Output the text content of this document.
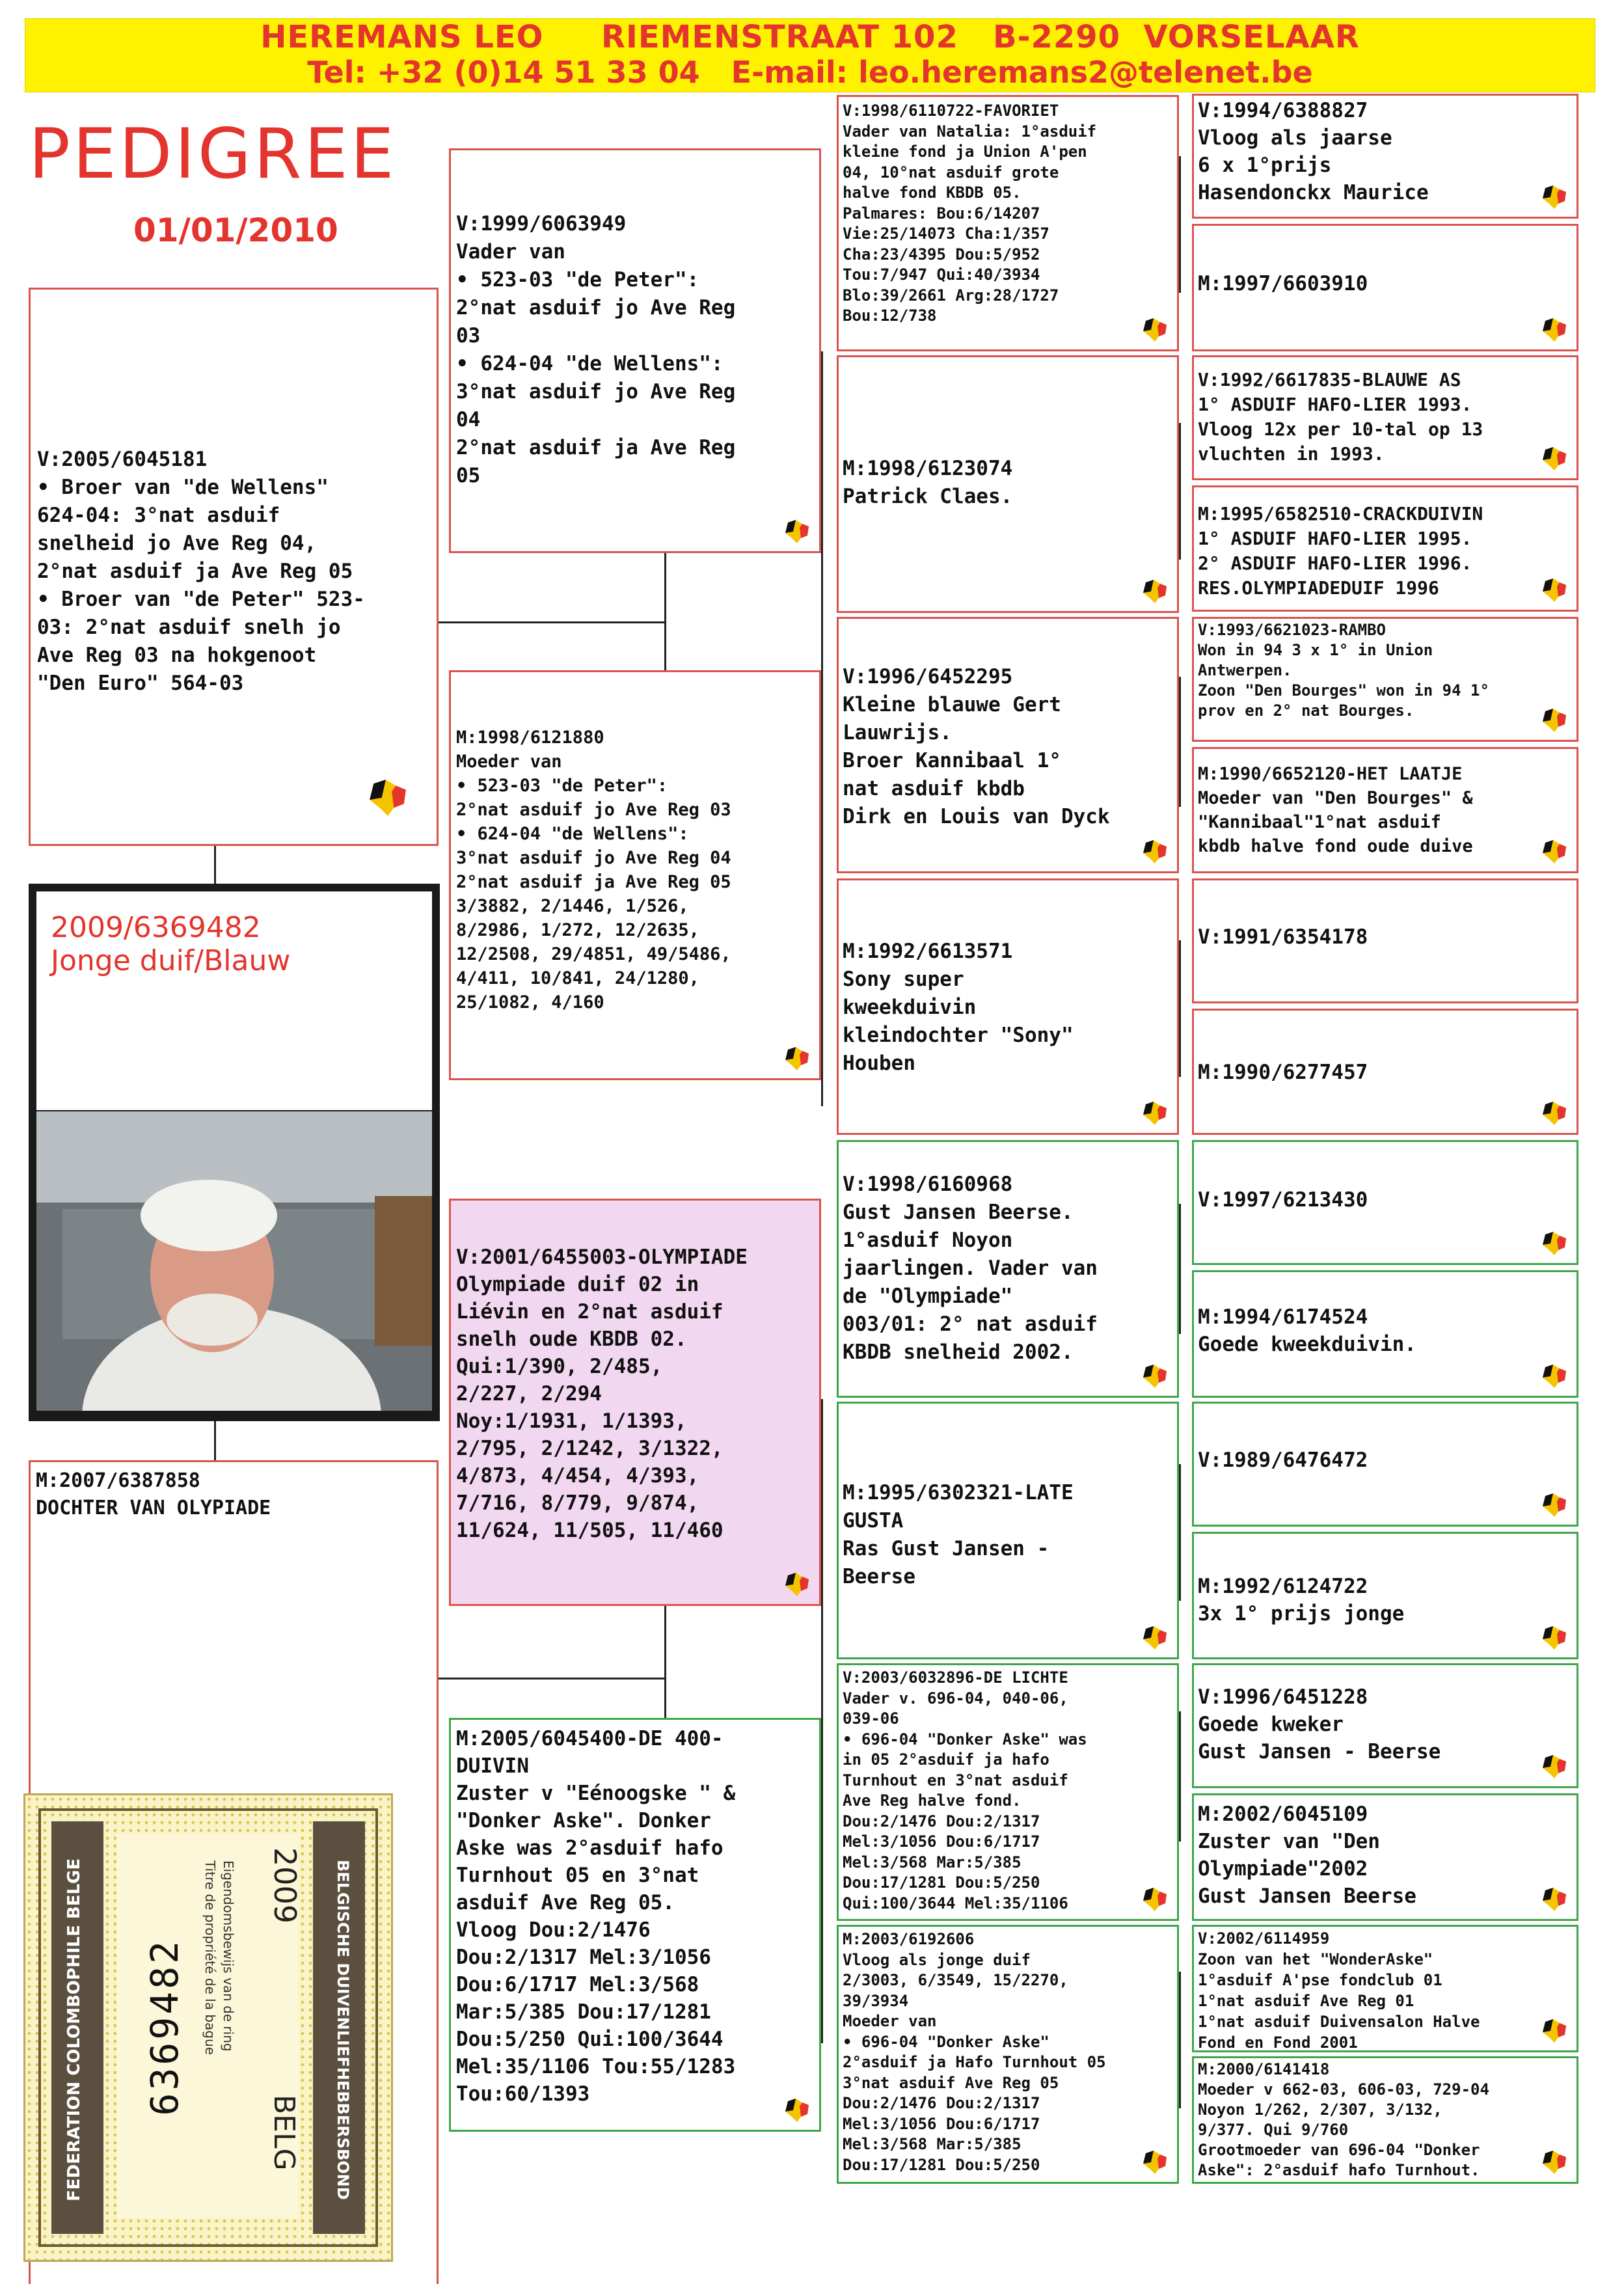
HEREMANS LEO     RIEMENSTRAAT 102   B-2290  VORSELAAR
Tel: +32 (0)14 51 33 04   E-mail: leo.heremans2@telenet.be
PEDIGREE
01/01/2010
V:2005/6045181
• Broer van "de Wellens"
624-04: 3°nat asduif
snelheid jo Ave Reg 04,
2°nat asduif ja Ave Reg 05
• Broer van "de Peter" 523-
03: 2°nat asduif snelh jo
Ave Reg 03 na hokgenoot
"Den Euro" 564-03
2009/6369482
Jonge duif/Blauw
M:2007/6387858
DOCHTER VAN OLYPIADE
FEDERATION COLOMBOPHILE BELGE	BELGISCHE DUIVENLIEFHEBBERSBOND
2009
BELG
Eigendomsbewijs van de ring
Titre de propriété de la bague
6369482
V:1999/6063949
Vader van
• 523-03 "de Peter":
2°nat asduif jo Ave Reg
03
• 624-04 "de Wellens":
3°nat asduif jo Ave Reg
04
2°nat asduif ja Ave Reg
05
M:1998/6121880
Moeder van
• 523-03 "de Peter":
2°nat asduif jo Ave Reg 03
• 624-04 "de Wellens":
3°nat asduif jo Ave Reg 04
2°nat asduif ja Ave Reg 05
3/3882, 2/1446, 1/526,
8/2986, 1/272, 12/2635,
12/2508, 29/4851, 49/5486,
4/411, 10/841, 24/1280,
25/1082, 4/160
V:2001/6455003-OLYMPIADE
Olympiade duif 02 in
Liévin en 2°nat asduif
snelh oude KBDB 02.
Qui:1/390, 2/485,
2/227, 2/294
Noy:1/1931, 1/1393,
2/795, 2/1242, 3/1322,
4/873, 4/454, 4/393,
7/716, 8/779, 9/874,
11/624, 11/505, 11/460
M:2005/6045400-DE 400-
DUIVIN
Zuster v "Eénoogske " &
"Donker Aske". Donker
Aske was 2°asduif hafo
Turnhout 05 en 3°nat
asduif Ave Reg 05.
Vloog Dou:2/1476
Dou:2/1317 Mel:3/1056
Dou:6/1717 Mel:3/568
Mar:5/385 Dou:17/1281
Dou:5/250 Qui:100/3644
Mel:35/1106 Tou:55/1283
Tou:60/1393
V:1998/6110722-FAVORIET
Vader van Natalia: 1°asduif
kleine fond ja Union A'pen
04, 10°nat asduif grote
halve fond KBDB 05.
Palmares: Bou:6/14207
Vie:25/14073 Cha:1/357
Cha:23/4395 Dou:5/952
Tou:7/947 Qui:40/3934
Blo:39/2661 Arg:28/1727
Bou:12/738
M:1998/6123074
Patrick Claes.
V:1996/6452295
Kleine blauwe Gert
Lauwrijs.
Broer Kannibaal 1°
nat asduif kbdb
Dirk en Louis van Dyck
M:1992/6613571
Sony super
kweekduivin
kleindochter "Sony"
Houben
V:1998/6160968
Gust Jansen Beerse.
1°asduif Noyon
jaarlingen. Vader van
de "Olympiade"
003/01: 2° nat asduif
KBDB snelheid 2002.
M:1995/6302321-LATE
GUSTA
Ras Gust Jansen -
Beerse
V:2003/6032896-DE LICHTE
Vader v. 696-04, 040-06,
039-06
• 696-04 "Donker Aske" was
in 05 2°asduif ja hafo
Turnhout en 3°nat asduif
Ave Reg halve fond.
Dou:2/1476 Dou:2/1317
Mel:3/1056 Dou:6/1717
Mel:3/568 Mar:5/385
Dou:17/1281 Dou:5/250
Qui:100/3644 Mel:35/1106
M:2003/6192606
Vloog als jonge duif
2/3003, 6/3549, 15/2270,
39/3934
Moeder van
• 696-04 "Donker Aske"
2°asduif ja Hafo Turnhout 05
3°nat asduif Ave Reg 05
Dou:2/1476 Dou:2/1317
Mel:3/1056 Dou:6/1717
Mel:3/568 Mar:5/385
Dou:17/1281 Dou:5/250
V:1994/6388827
Vloog als jaarse
6 x 1°prijs
Hasendonckx Maurice
M:1997/6603910
V:1992/6617835-BLAUWE AS
1° ASDUIF HAFO-LIER 1993.
Vloog 12x per 10-tal op 13
vluchten in 1993.
M:1995/6582510-CRACKDUIVIN
1° ASDUIF HAFO-LIER 1995.
2° ASDUIF HAFO-LIER 1996.
RES.OLYMPIADEDUIF 1996
V:1993/6621023-RAMBO
Won in 94 3 x 1° in Union
Antwerpen.
Zoon "Den Bourges" won in 94 1°
prov en 2° nat Bourges.
M:1990/6652120-HET LAATJE
Moeder van "Den Bourges" &
"Kannibaal"1°nat asduif
kbdb halve fond oude duive
V:1991/6354178
M:1990/6277457
V:1997/6213430
M:1994/6174524
Goede kweekduivin.
V:1989/6476472
M:1992/6124722
3x 1° prijs jonge
V:1996/6451228
Goede kweker
Gust Jansen - Beerse
M:2002/6045109
Zuster van "Den
Olympiade"2002
Gust Jansen Beerse
V:2002/6114959
Zoon van het "WonderAske"
1°asduif A'pse fondclub 01
1°nat asduif Ave Reg 01
1°nat asduif Duivensalon Halve
Fond en Fond 2001
M:2000/6141418
Moeder v 662-03, 606-03, 729-04
Noyon 1/262, 2/307, 3/132,
9/377. Qui 9/760
Grootmoeder van 696-04 "Donker
Aske": 2°asduif hafo Turnhout.
